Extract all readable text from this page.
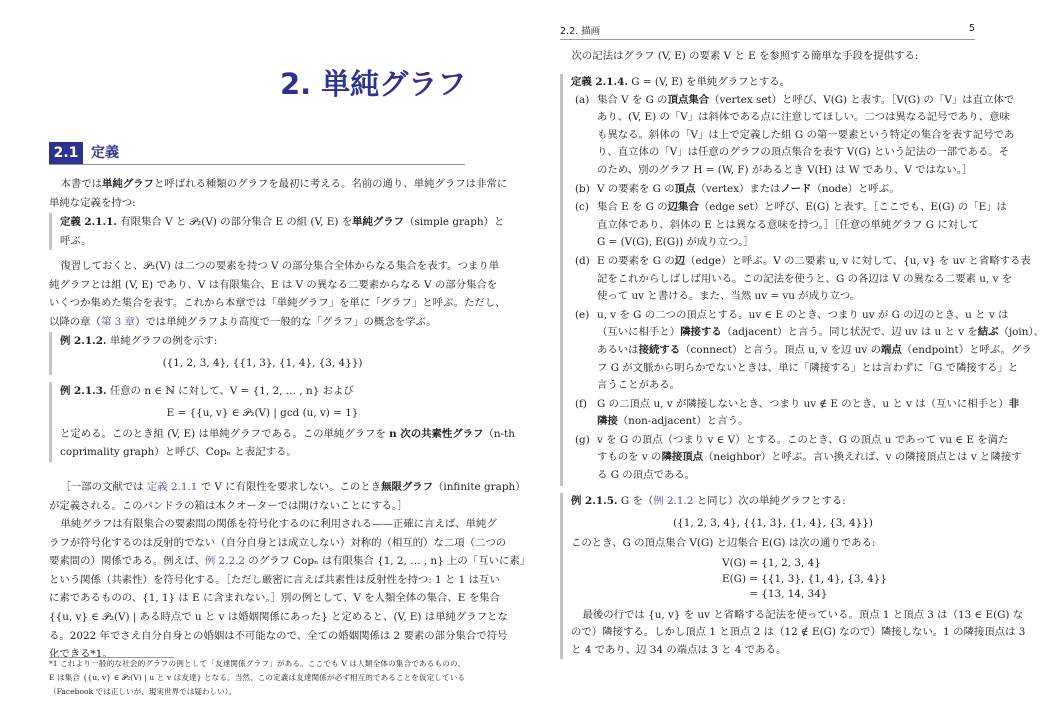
2. 単純グラフ
2.1 定義
本書では単純グラフと呼ばれる種類のグラフを最初に考える。名前の通り、単純グラフは非常に
単純な定義を持つ:
定義 2.1.1. 有限集合 V と 𝒫₂(V) の部分集合 E の組 (V, E) を単純グラフ（simple graph）と
呼ぶ。
復習しておくと、𝒫₂(V) は二つの要素を持つ V の部分集合全体からなる集合を表す。つまり単
純グラフとは組 (V, E) であり、V は有限集合、E は V の異なる二要素からなる V の部分集合を
いくつか集めた集合を表す。これから本章では「単純グラフ」を単に「グラフ」と呼ぶ。ただし、
以降の章（第 3 章）では単純グラフより高度で一般的な「グラフ」の概念を学ぶ。
例 2.1.2. 単純グラフの例を示す:
({1, 2, 3, 4}, {{1, 3}, {1, 4}, {3, 4}})
例 2.1.3. 任意の n ∈ ℕ に対して、V = {1, 2, … , n} および
E = {{u, v} ∈ 𝒫₂(V) | gcd (u, v) = 1}
と定める。このとき組 (V, E) は単純グラフである。この単純グラフを n 次の共素性グラフ（n-th
coprimality graph）と呼び、Copₙ と表記する。
［一部の文献では 定義 2.1.1 で V に有限性を要求しない。このとき無限グラフ（infinite graph）
が定義される。このパンドラの箱は本クオーターでは開けないことにする。］
単純グラフは有限集合の要素間の関係を符号化するのに利用される——正確に言えば、単純グ
ラフが符号化するのは反射的でない（自分自身とは成立しない）対称的（相互的）な二項（二つの
要素間の）関係である。例えば、例 2.2.2 のグラフ Copₙ は有限集合 {1, 2, … , n} 上の「互いに素」
という関係（共素性）を符号化する。［ただし厳密に言えば共素性は反射性を持つ: 1 と 1 は互い
に素であるものの、{1, 1} は E に含まれない。］別の例として、V を人類全体の集合、E を集合
{{u, v} ∈ 𝒫₂(V) | ある時点で u と v は婚姻関係にあった} と定めると、(V, E) は単純グラフとな
る。2022 年でさえ自分自身との婚姻は不可能なので、全ての婚姻関係は 2 要素の部分集合で符号
化できる*1。
*1 これより一般的な社会的グラフの例として「友達関係グラフ」がある。ここでも V は人類全体の集合であるものの、
E は集合 {{u, v} ∈ 𝒫₂(V) | u と v は友達} となる。当然、この定義は友達関係が必ず相互的であることを仮定している
（Facebook では正しいが、現実世界では疑わしい）。
2.2. 描画	5
次の記法はグラフ (V, E) の要素 V と E を参照する簡単な手段を提供する:
定義 2.1.4. G = (V, E) を単純グラフとする。
(a) 集合 V を G の頂点集合（vertex set）と呼び、V(G) と表す。［V(G) の「V」は直立体で
あり、(V, E) の「V」は斜体である点に注意してほしい。二つは異なる記号であり、意味
も異なる。斜体の「V」は上で定義した組 G の第一要素という特定の集合を表す記号であ
り、直立体の「V」は任意のグラフの頂点集合を表す V(G) という記法の一部である。そ
のため、別のグラフ H = (W, F) があるとき V(H) は W であり、V ではない。］
(b) V の要素を G の頂点（vertex）またはノード（node）と呼ぶ。
(c) 集合 E を G の辺集合（edge set）と呼び、E(G) と表す。［ここでも、E(G) の「E」は
直立体であり、斜体の E とは異なる意味を持つ。］［任意の単純グラフ G に対して
G = (V(G), E(G)) が成り立つ。］
(d) E の要素を G の辺（edge）と呼ぶ。V の二要素 u, v に対して、{u, v} を uv と省略する表
記をこれからしばしば用いる。この記法を使うと、G の各辺は V の異なる二要素 u, v を
使って uv と書ける。また、当然 uv = vu が成り立つ。
(e) u, v を G の二つの頂点とする。uv ∈ E のとき、つまり uv が G の辺のとき、u と v は
（互いに相手と）隣接する（adjacent）と言う。同じ状況で、辺 uv は u と v を結ぶ（join）、
あるいは接続する（connect）と言う。頂点 u, v を辺 uv の端点（endpoint）と呼ぶ。グラ
フ G が文脈から明らかでないときは、単に「隣接する」とは言わずに「G で隣接する」と
言うことがある。
(f) G の二頂点 u, v が隣接しないとき、つまり uv ∉ E のとき、u と v は（互いに相手と）非
隣接（non-adjacent）と言う。
(g) v を G の頂点（つまり v ∈ V）とする。このとき、G の頂点 u であって vu ∈ E を満た
すものを v の隣接頂点（neighbor）と呼ぶ。言い換えれば、v の隣接頂点とは v と隣接す
る G の頂点である。
例 2.1.5. G を（例 2.1.2 と同じ）次の単純グラフとする:
({1, 2, 3, 4}, {{1, 3}, {1, 4}, {3, 4}})
このとき、G の頂点集合 V(G) と辺集合 E(G) は次の通りである:
V(G) = {1, 2, 3, 4}
E(G) = {{1, 3}, {1, 4}, {3, 4}}
= {13, 14, 34}
最後の行では {u, v} を uv と省略する記法を使っている。頂点 1 と頂点 3 は（13 ∈ E(G) な
ので）隣接する。しかし頂点 1 と頂点 2 は（12 ∉ E(G) なので）隣接しない。1 の隣接頂点は 3
と 4 であり、辺 34 の端点は 3 と 4 である。
